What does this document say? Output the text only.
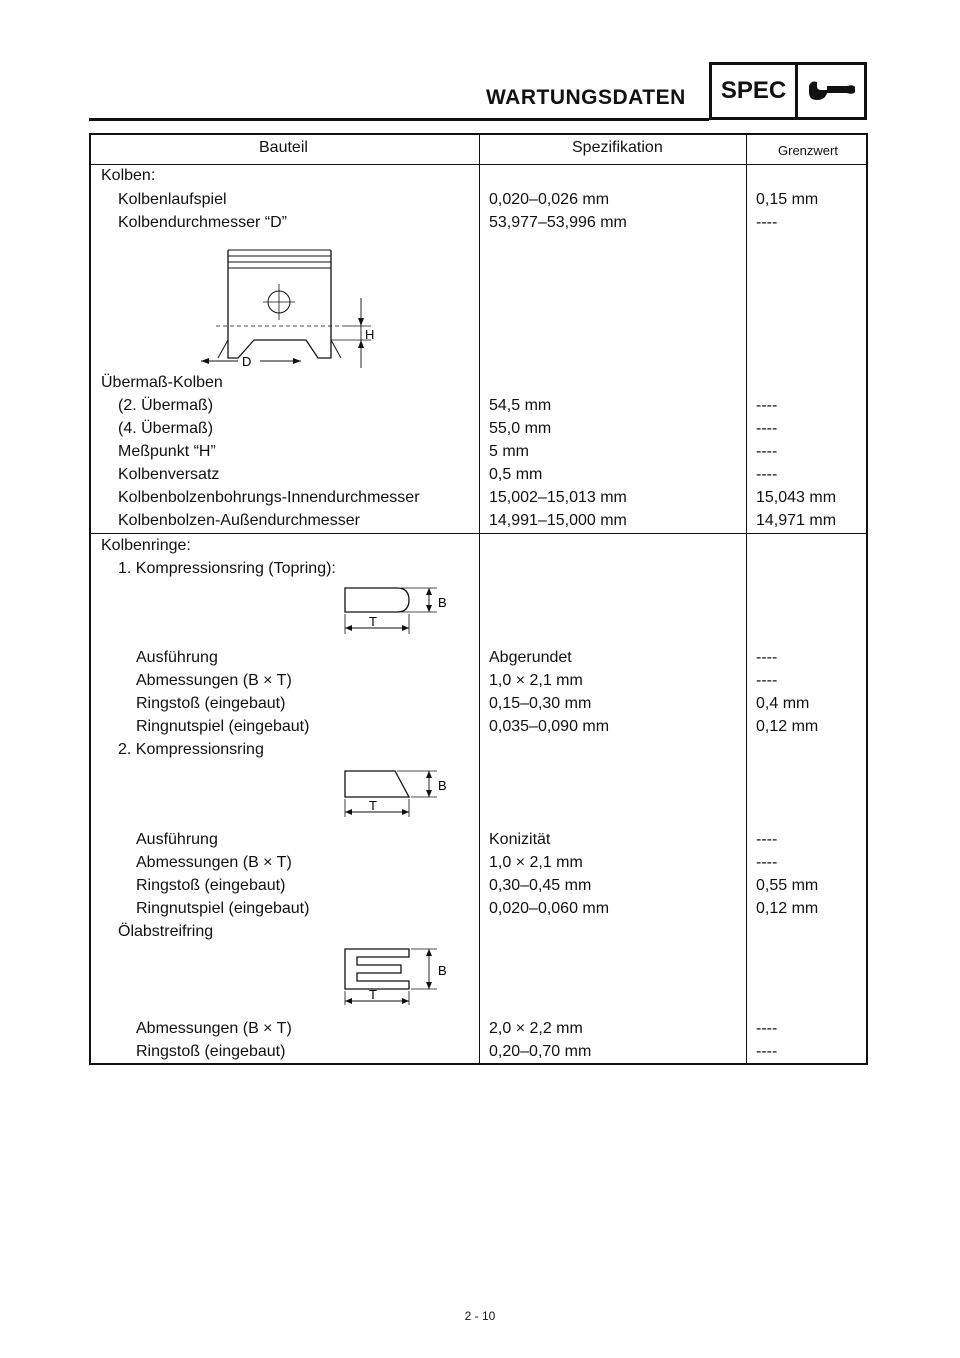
WARTUNGSDATEN	SPEC
Bauteil	Spezifikation	Grenzwert
Kolben:
Kolbenlaufspiel	0,020–0,026 mm	0,15 mm
Kolbendurchmesser “D”	53,977–53,996 mm	----
H
D
Übermaß-Kolben
(2. Übermaß)	54,5 mm	----
(4. Übermaß)	55,0 mm	----
Meßpunkt “H”	5 mm	----
Kolbenversatz	0,5 mm	----
Kolbenbolzenbohrungs-Innendurchmesser	15,002–15,013 mm	15,043 mm
Kolbenbolzen-Außendurchmesser	14,991–15,000 mm	14,971 mm
Kolbenringe:
1. Kompressionsring (Topring):
B
T
Ausführung	Abgerundet	----
Abmessungen (B × T)	1,0 × 2,1 mm	----
Ringstoß (eingebaut)	0,15–0,30 mm	0,4 mm
Ringnutspiel (eingebaut)	0,035–0,090 mm	0,12 mm
2. Kompressionsring
B
T
Ausführung	Konizität	----
Abmessungen (B × T)	1,0 × 2,1 mm	----
Ringstoß (eingebaut)	0,30–0,45 mm	0,55 mm
Ringnutspiel (eingebaut)	0,020–0,060 mm	0,12 mm
Ölabstreifring
B
T
Abmessungen (B × T)	2,0 × 2,2 mm	----
Ringstoß (eingebaut)	0,20–0,70 mm	----
2 - 10
